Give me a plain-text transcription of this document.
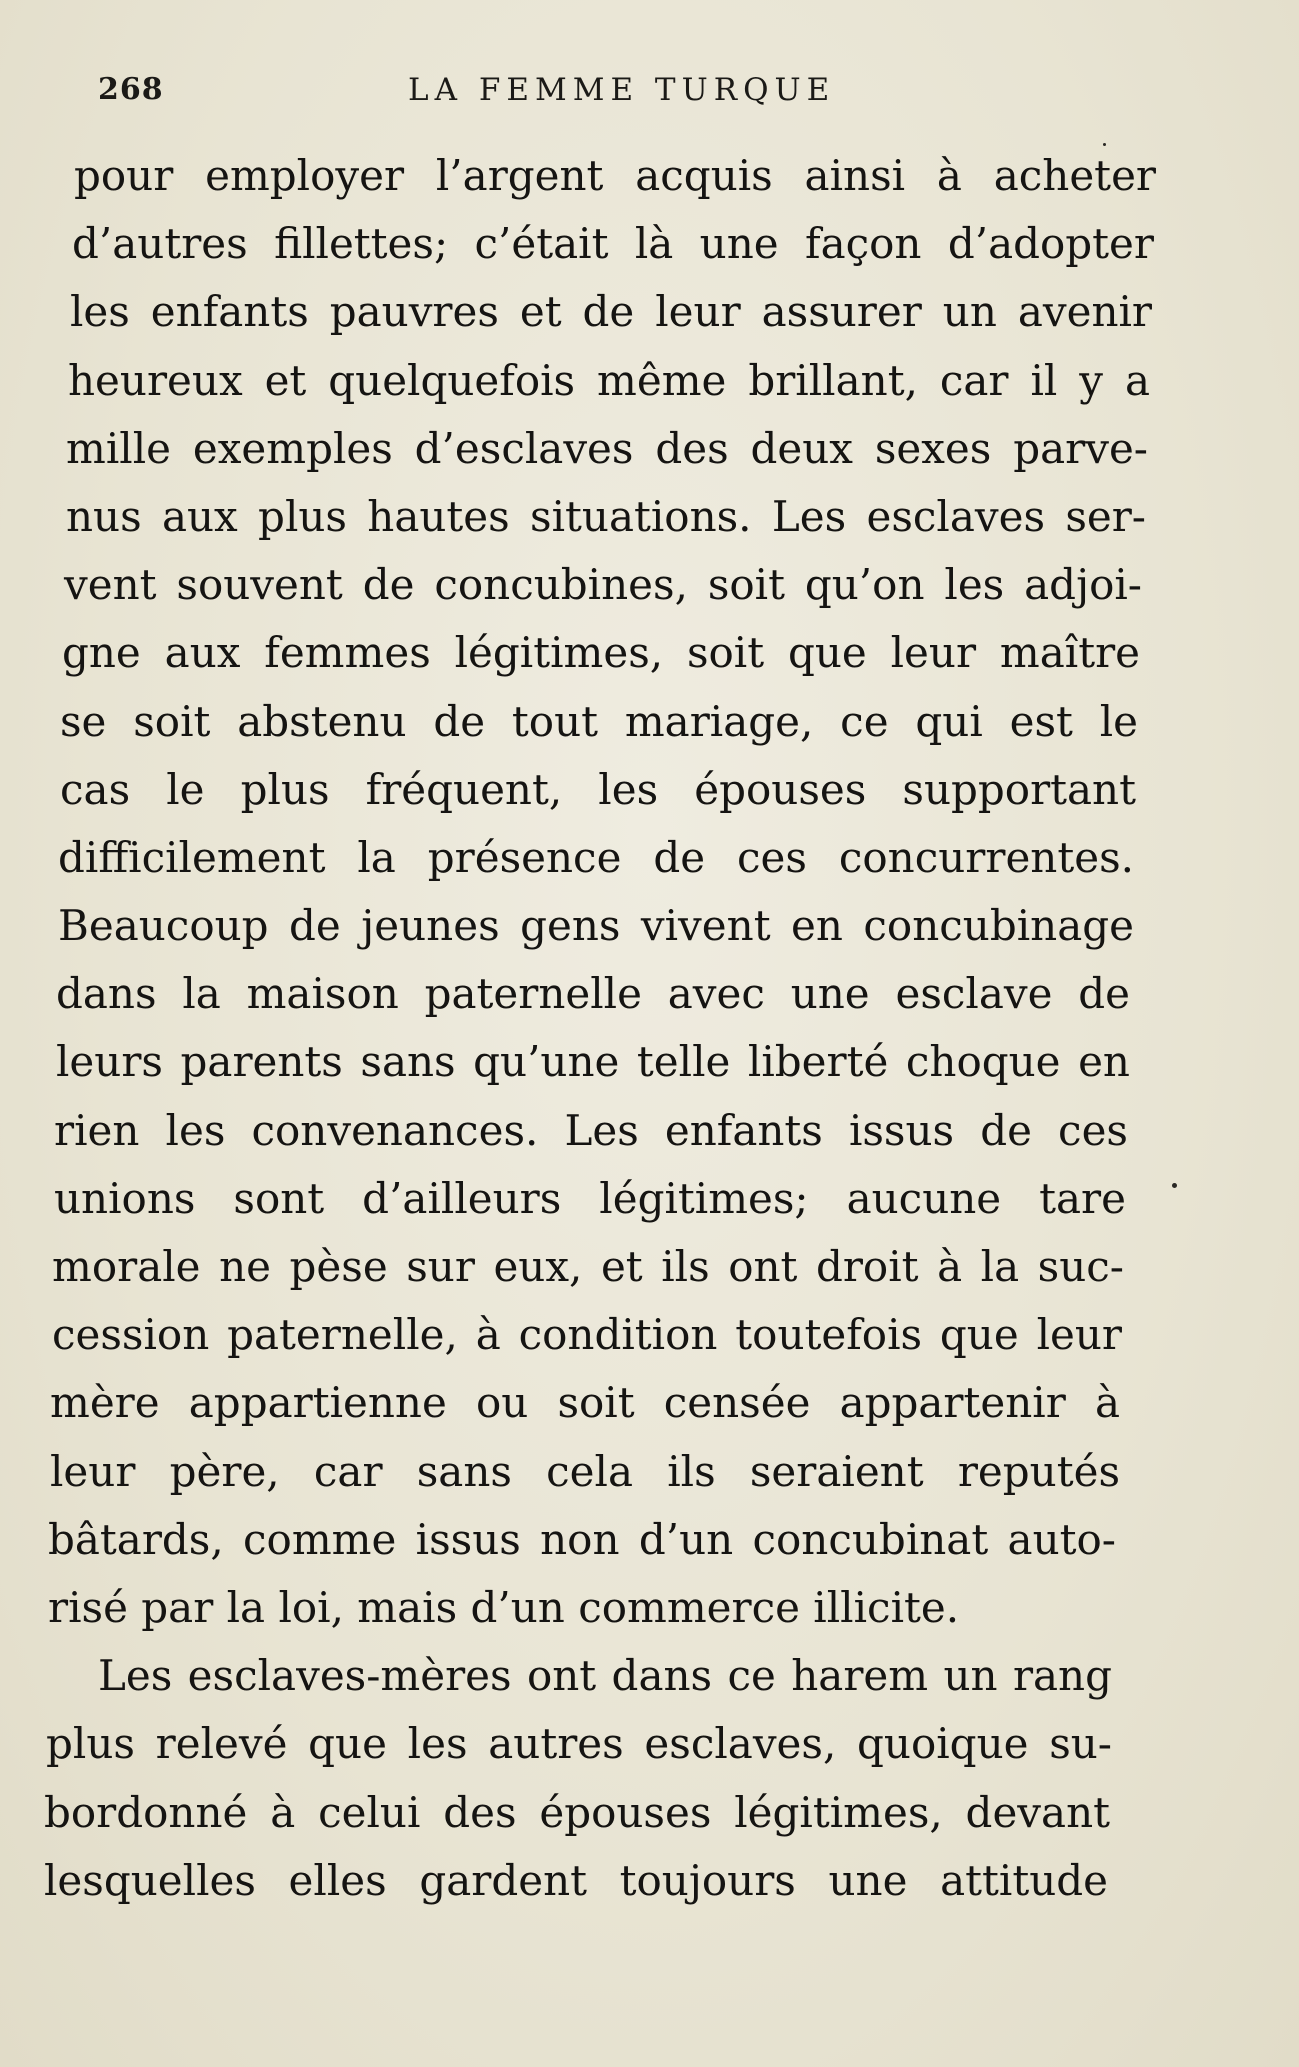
268	LA FEMME TURQUE
pour employer l’argent acquis ainsi à acheter
d’autres fillettes; c’était là une façon d’adopter
les enfants pauvres et de leur assurer un avenir
heureux et quelquefois même brillant, car il y a
mille exemples d’esclaves des deux sexes parve-
nus aux plus hautes situations. Les esclaves ser-
vent souvent de concubines, soit qu’on les adjoi-
gne aux femmes légitimes, soit que leur maître
se soit abstenu de tout mariage, ce qui est le
cas le plus fréquent, les épouses supportant
difficilement la présence de ces concurrentes.
Beaucoup de jeunes gens vivent en concubinage
dans la maison paternelle avec une esclave de
leurs parents sans qu’une telle liberté choque en
rien les convenances. Les enfants issus de ces
unions sont d’ailleurs légitimes; aucune tare
morale ne pèse sur eux, et ils ont droit à la suc-
cession paternelle, à condition toutefois que leur
mère appartienne ou soit censée appartenir à
leur père, car sans cela ils seraient reputés
bâtards, comme issus non d’un concubinat auto-
risé par la loi, mais d’un commerce illicite.
Les esclaves-mères ont dans ce harem un rang
plus relevé que les autres esclaves, quoique su-
bordonné à celui des épouses légitimes, devant
lesquelles elles gardent toujours une attitude
